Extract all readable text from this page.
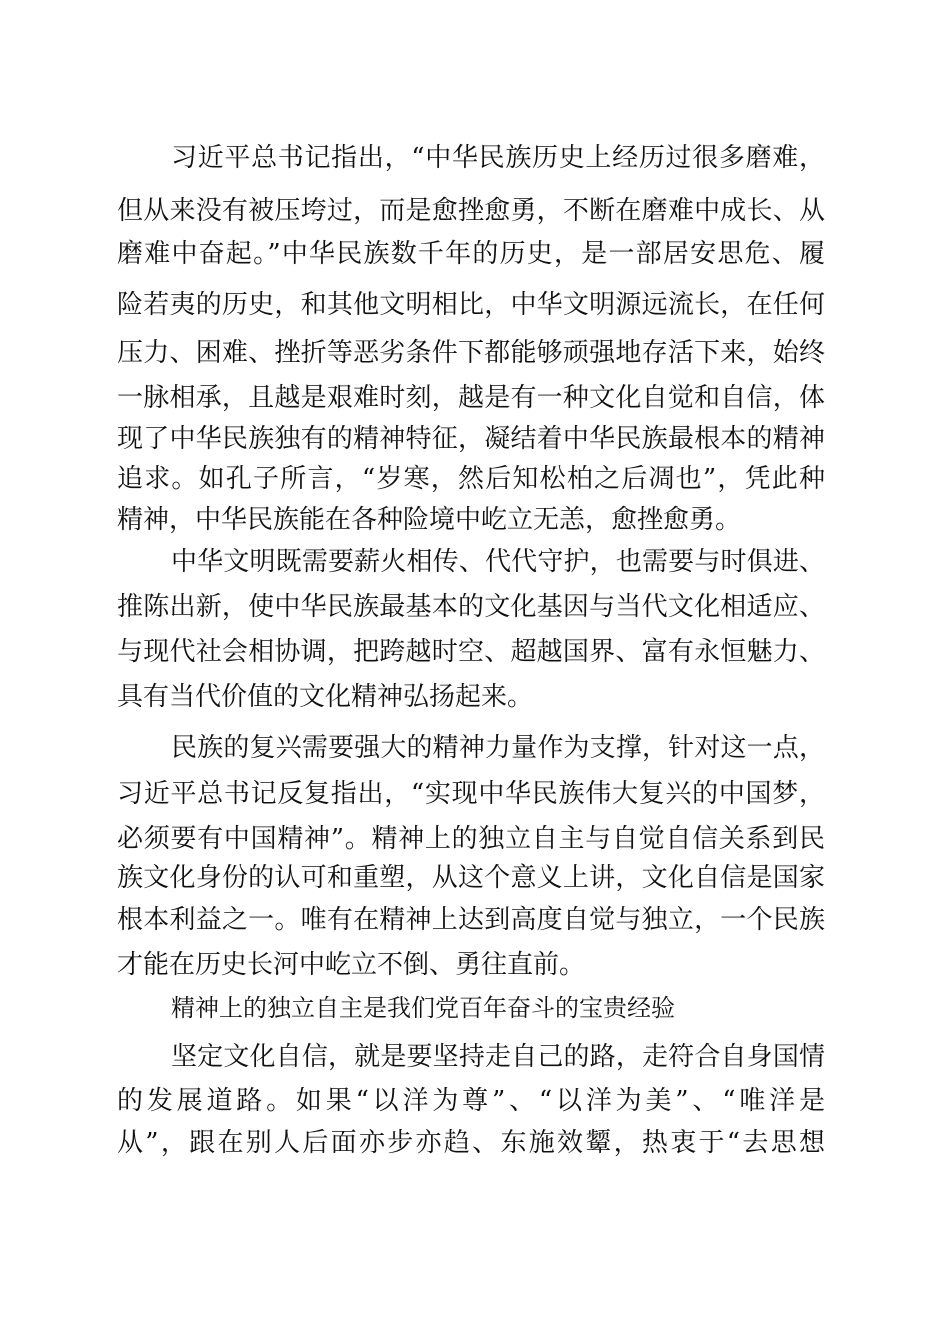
习近平总书记指出，“中华民族历史上经历过很多磨难，
但从来没有被压垮过，而是愈挫愈勇，不断在磨难中成长、从
磨难中奋起。”中华民族数千年的历史，是一部居安思危、履
险若夷的历史，和其他文明相比，中华文明源远流长，在任何
压力、困难、挫折等恶劣条件下都能够顽强地存活下来，始终
一脉相承，且越是艰难时刻，越是有一种文化自觉和自信，体
现了中华民族独有的精神特征，凝结着中华民族最根本的精神
追求。如孔子所言，“岁寒，然后知松柏之后凋也”，凭此种
精神，中华民族能在各种险境中屹立无恙，愈挫愈勇。
中华文明既需要薪火相传、代代守护，也需要与时俱进、
推陈出新，使中华民族最基本的文化基因与当代文化相适应、
与现代社会相协调，把跨越时空、超越国界、富有永恒魅力、
具有当代价值的文化精神弘扬起来。
民族的复兴需要强大的精神力量作为支撑，针对这一点，
习近平总书记反复指出，“实现中华民族伟大复兴的中国梦，
必须要有中国精神”。精神上的独立自主与自觉自信关系到民
族文化身份的认可和重塑，从这个意义上讲，文化自信是国家
根本利益之一。唯有在精神上达到高度自觉与独立，一个民族
才能在历史长河中屹立不倒、勇往直前。
精神上的独立自主是我们党百年奋斗的宝贵经验
坚定文化自信，就是要坚持走自己的路，走符合自身国情
的发展道路。如果“以洋为尊”、“以洋为美”、“唯洋是
从”，跟在别人后面亦步亦趋、东施效颦，热衷于“去思想
